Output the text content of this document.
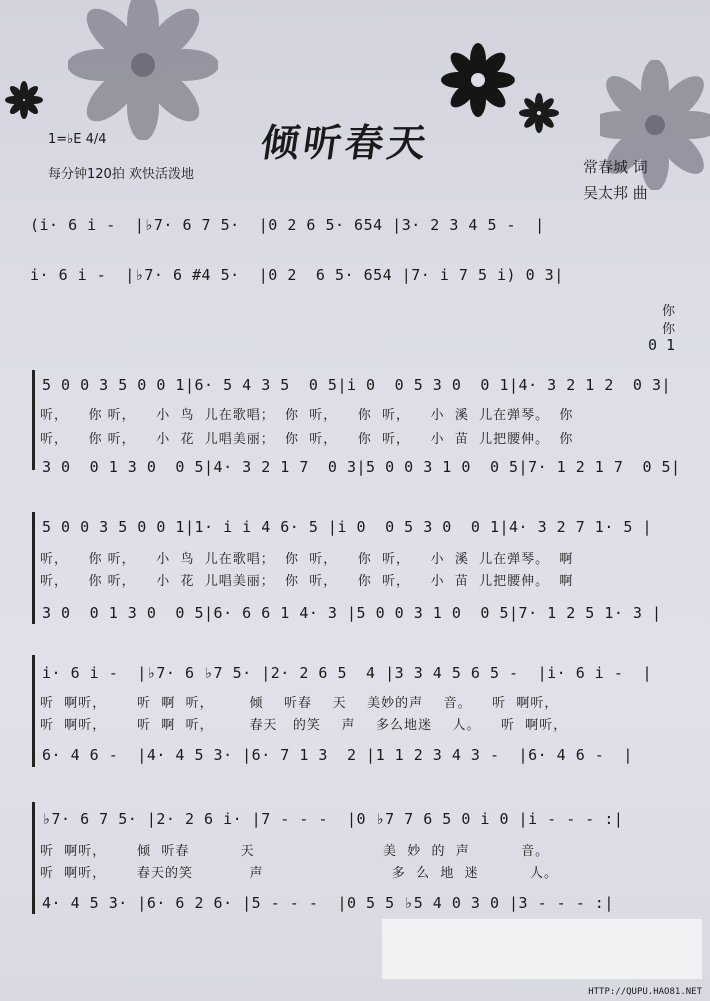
倾听春天
1=♭E 4/4
每分钟120拍 欢快活泼地	常春城 词
吴太邦 曲
(i· 6 i -  |♭7· 6 7 5·  |0 2 6 5· 654 |3· 2 3 4 5 -  |
i· 6 i -  |♭7· 6 #4 5·  |0 2  6 5· 654 |7· i 7 5 i) 0 3|
你
你
0 1
5 0 0 3 5 0 0 1|6· 5 4 3 5  0 5|i 0  0 5 3 0  0 1|4· 3 2 1 2  0 3|
听，    你 听，    小  鸟  儿在歌唱；  你  听，    你  听，    小  溪  儿在弹琴。  你
听，    你 听，    小  花  儿唱美丽；  你  听，    你  听，    小  苗  儿把腰伸。  你
3 0  0 1 3 0  0 5|4· 3 2 1 7  0 3|5 0 0 3 1 0  0 5|7· 1 2 1 7  0 5|
5 0 0 3 5 0 0 1|1· i i 4 6· 5 |i 0  0 5 3 0  0 1|4· 3 2 7 1· 5 |
听，    你 听，    小  鸟  儿在歌唱；  你  听，    你  听，    小  溪  儿在弹琴。  啊
听，    你 听，    小  花  儿唱美丽；  你  听，    你  听，    小  苗  儿把腰伸。  啊
3 0  0 1 3 0  0 5|6· 6 6 1 4· 3 |5 0 0 3 1 0  0 5|7· 1 2 5 1· 3 |
i· 6 i -  |♭7· 6 ♭7 5· |2· 2 6 5  4 |3 3 4 5 6 5 -  |i· 6 i -  |
听  啊听，      听  啊  听，       倾    听春    天    美妙的声    音。    听  啊听，
听  啊听，      听  啊  听，       春天   的笑    声    多么地迷    人。    听  啊听，
6· 4 6 -  |4· 4 5 3· |6· 7 1 3  2 |1 1 2 3 4 3 -  |6· 4 6 -  |
♭7· 6 7 5· |2· 2 6 i· |7 - - -  |0 ♭7 7 6 5 0 i 0 |i - - - :|
听  啊听，      倾  听春          天                         美  妙  的  声          音。
听  啊听，      春天的笑           声                         多  么  地  迷          人。
4· 4 5 3· |6· 6 2 6· |5 - - -  |0 5 5 ♭5 4 0 3 0 |3 - - - :|
HTTP://QUPU.HAO81.NET
